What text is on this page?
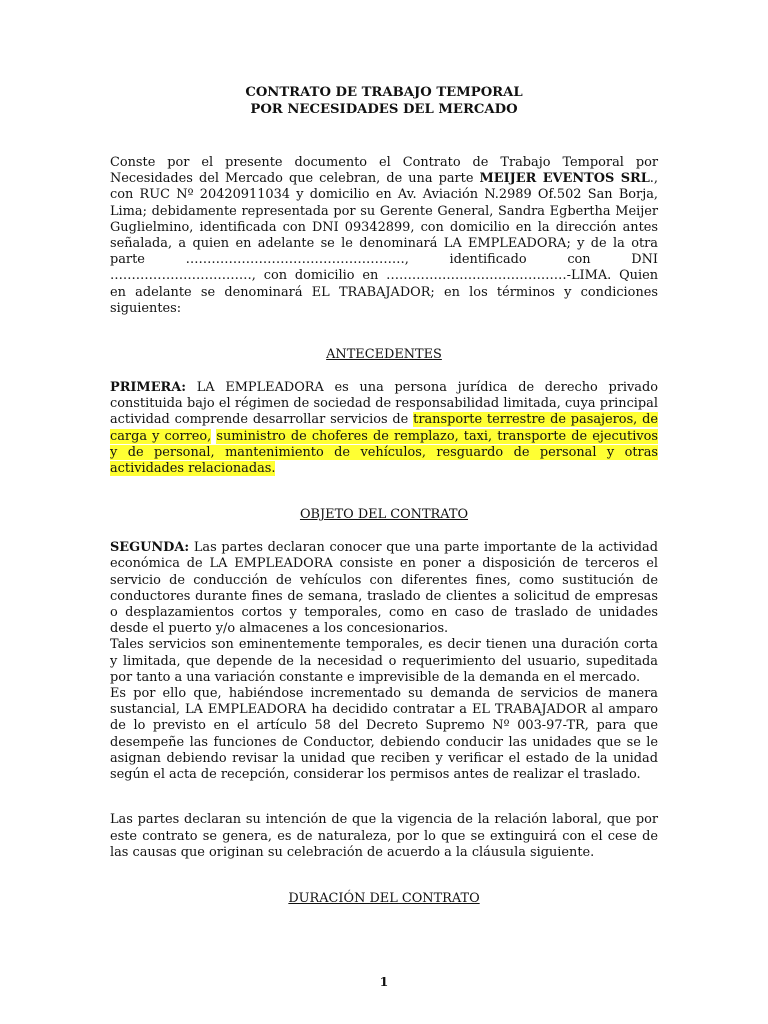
CONTRATO DE TRABAJO TEMPORAL

POR NECESIDADES DEL MERCADO

Conste por el presente documento el Contrato de Trabajo Temporal por Necesidades del Mercado que celebran, de una parte MEIJER EVENTOS SRL., con RUC Nº 20420911034 y domicilio en Av. Aviación N.2989 Of.502 San Borja, Lima; debidamente representada por su Gerente General, Sandra Egbertha Meijer Guglielmino, identificada con DNI 09342899, con domicilio en la dirección antes señalada, a quien en adelante se le denominará LA EMPLEADORA; y de la otra parte ……………………………………………, identificado con DNI ……………………………, con domicilio en ……………………………………-LIMA. Quien en adelante se denominará EL TRABAJADOR; en los términos y condiciones siguientes:

ANTECEDENTES

PRIMERA: LA EMPLEADORA es una persona jurídica de derecho privado constituida bajo el régimen de sociedad de responsabilidad limitada, cuya principal actividad comprende desarrollar servicios de transporte terrestre de pasajeros, de carga y correo, suministro de choferes de remplazo, taxi, transporte de ejecutivos y de personal, mantenimiento de vehículos, resguardo de personal y otras actividades relacionadas.

OBJETO DEL CONTRATO

SEGUNDA: Las partes declaran conocer que una parte importante de la actividad económica de LA EMPLEADORA consiste en poner a disposición de terceros el servicio de conducción de vehículos con diferentes fines, como sustitución de conductores durante fines de semana, traslado de clientes a solicitud de empresas o desplazamientos cortos y temporales, como en caso de traslado de unidades desde el puerto y/o almacenes a los concesionarios.

Tales servicios son eminentemente temporales, es decir tienen una duración corta y limitada, que depende de la necesidad o requerimiento del usuario, supeditada por tanto a una variación constante e imprevisible de la demanda en el mercado.

Es por ello que, habiéndose incrementado su demanda de servicios de manera sustancial, LA EMPLEADORA ha decidido contratar a EL TRABAJADOR al amparo de lo previsto en el artículo 58 del Decreto Supremo Nº 003-97-TR, para que desempeñe las funciones de Conductor, debiendo conducir las unidades que se le asignan debiendo revisar la unidad que reciben y verificar el estado de la unidad según el acta de recepción, considerar los permisos antes de realizar el traslado.

Las partes declaran su intención de que la vigencia de la relación laboral, que por este contrato se genera, es de naturaleza, por lo que se extinguirá con el cese de las causas que originan su celebración de acuerdo a la cláusula siguiente.

DURACIÓN DEL CONTRATO

1
